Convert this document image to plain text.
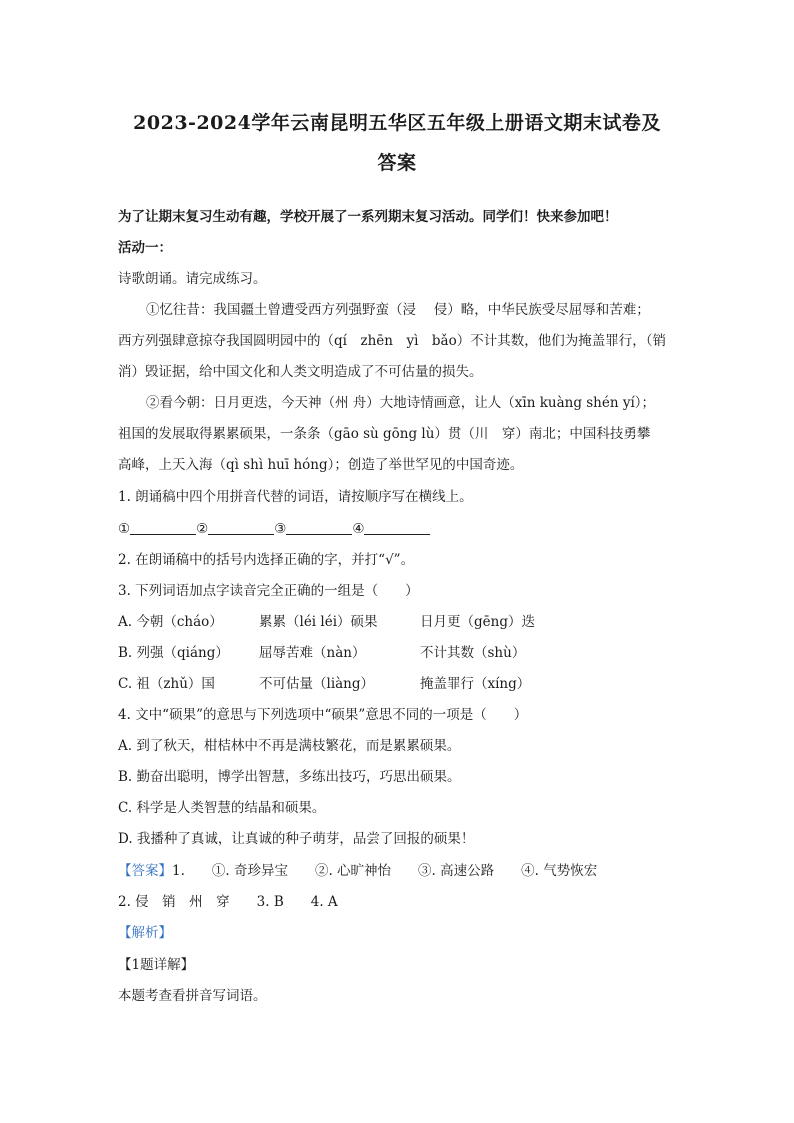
2023-2024学年云南昆明五华区五年级上册语文期末试卷及
答案
为了让期末复习生动有趣，学校开展了一系列期末复习活动。同学们！快来参加吧！
活动一：
诗歌朗诵。请完成练习。
①忆往昔：我国疆土曾遭受西方列强野蛮（浸　 侵）略，中华民族受尽屈辱和苦难；
西方列强肆意掠夺我国圆明园中的（qí　zhēn　yì　bǎo）不计其数，他们为掩盖罪行，（销
消）毁证据，给中国文化和人类文明造成了不可估量的损失。
②看今朝：日月更迭，今天神（州 舟）大地诗情画意，让人（xīn kuàng shén yí）；
祖国的发展取得累累硕果，一条条（gāo sù gōng lù）贯（川　穿）南北；中国科技勇攀
高峰，上天入海（qì shì huī hóng）；创造了举世罕见的中国奇迹。
1. 朗诵稿中四个用拼音代替的词语，请按顺序写在横线上。
①	②	③	④
2. 在朗诵稿中的括号内选择正确的字，并打“√”。
3. 下列词语加点字读音完全正确的一组是（　　）
A. 今朝（cháo）	累累（léi léi）硕果	日月更（gēng）迭
B. 列强（qiáng） 屈辱苦难（nàn）	不计其数（shù）
C. 祖（zhǔ）国	不可估量（liàng）	掩盖罪行（xíng）
4. 文中“硕果”的意思与下列选项中“硕果”意思不同的一项是（　　）
A. 到了秋天，柑桔林中不再是满枝繁花，而是累累硕果。
B. 勤奋出聪明，博学出智慧，多练出技巧，巧思出硕果。
C. 科学是人类智慧的结晶和硕果。
D. 我播种了真诚，让真诚的种子萌芽，品尝了回报的硕果！
【答案】1.　　①. 奇珍异宝　　②. 心旷神怡　　③. 高速公路　　④. 气势恢宏
2. 侵　销　州　穿　　3. B　　4. A
【解析】
【1题详解】
本题考查看拼音写词语。
